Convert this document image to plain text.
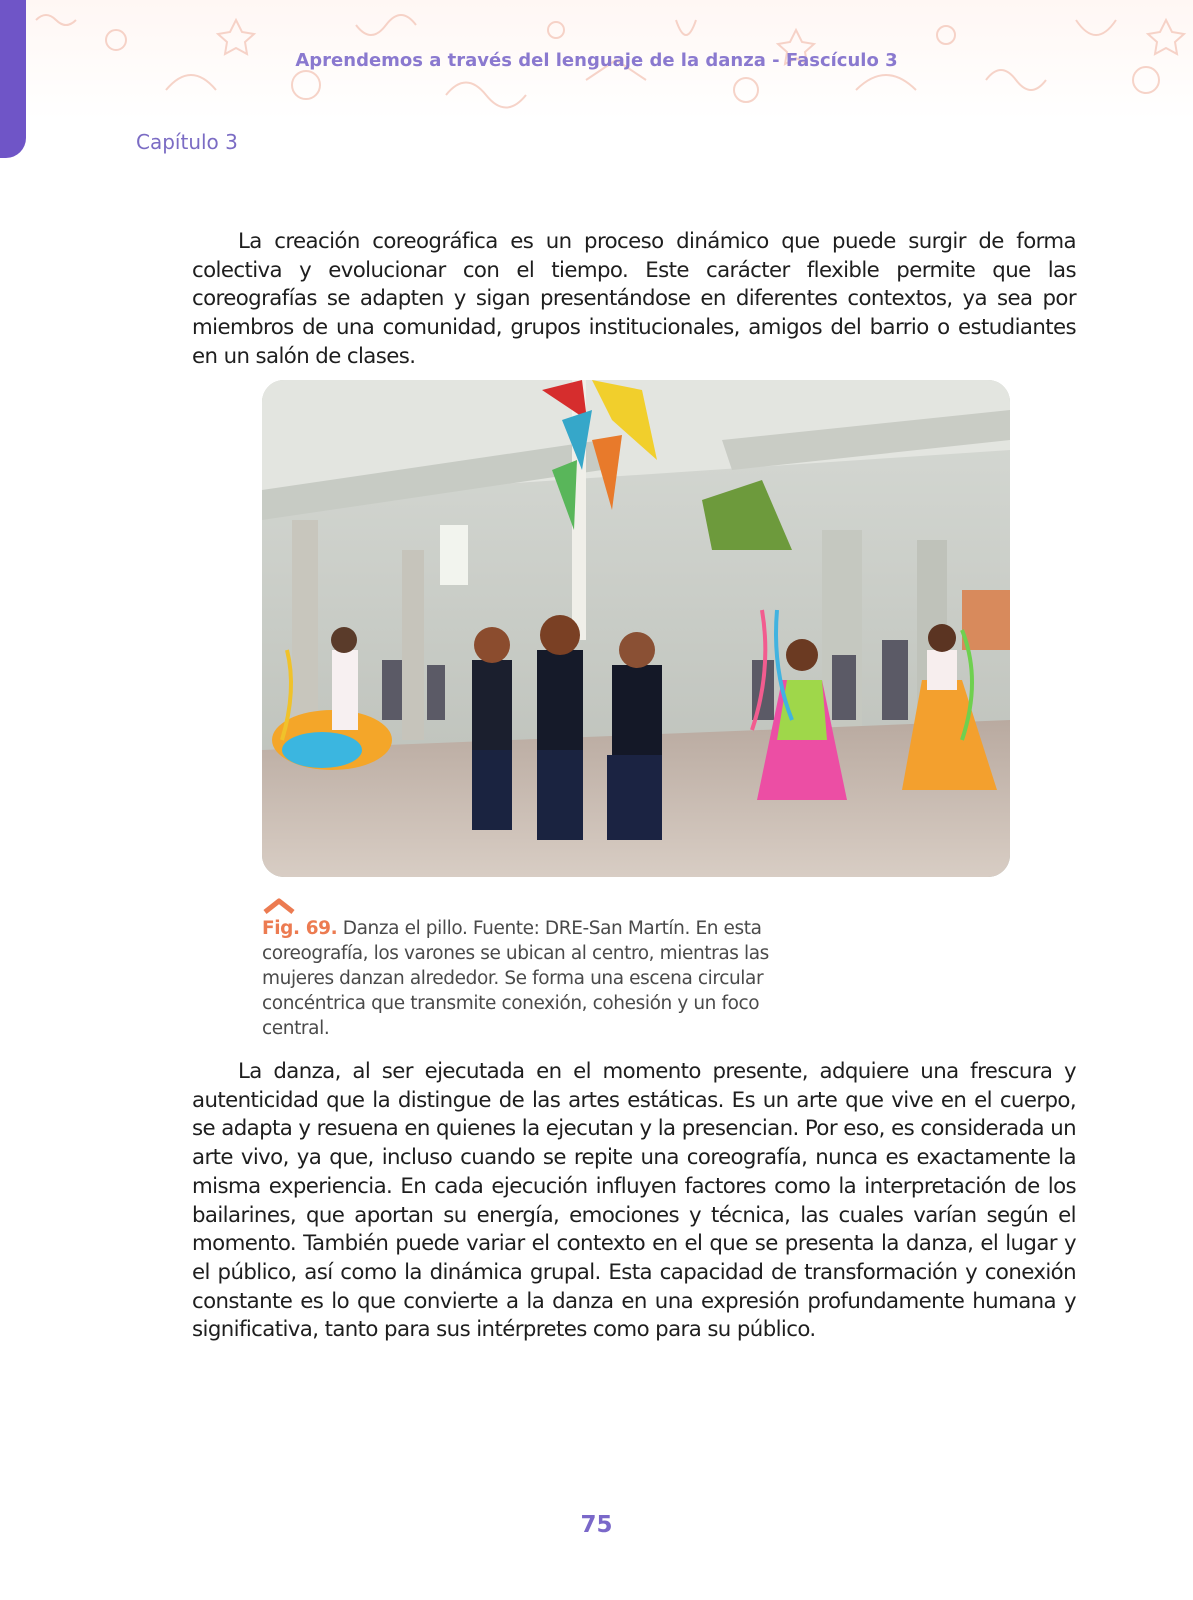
Aprendemos a través del lenguaje de la danza - Fascículo 3
Capítulo 3

La creación coreográfica es un proceso dinámico que puede surgir de forma colectiva y evolucionar con el tiempo. Este carácter flexible permite que las coreografías se adapten y sigan presentándose en diferentes contextos, ya sea por miembros de una comunidad, grupos institucionales, amigos del barrio o estudiantes en un salón de clases.

Fig. 69. Danza el pillo. Fuente: DRE-San Martín. En esta coreografía, los varones se ubican al centro, mientras las mujeres danzan alrededor. Se forma una escena circular concéntrica que transmite conexión, cohesión y un foco central.

La danza, al ser ejecutada en el momento presente, adquiere una frescura y autenticidad que la distingue de las artes estáticas. Es un arte que vive en el cuerpo, se adapta y resuena en quienes la ejecutan y la presencian. Por eso, es considerada un arte vivo, ya que, incluso cuando se repite una coreografía, nunca es exactamente la misma experiencia. En cada ejecución influyen factores como la interpretación de los bailarines, que aportan su energía, emociones y técnica, las cuales varían según el momento. También puede variar el contexto en el que se presenta la danza, el lugar y el público, así como la dinámica grupal. Esta capacidad de transformación y conexión constante es lo que convierte a la danza en una expresión profundamente humana y significativa, tanto para sus intérpretes como para su público.

75
